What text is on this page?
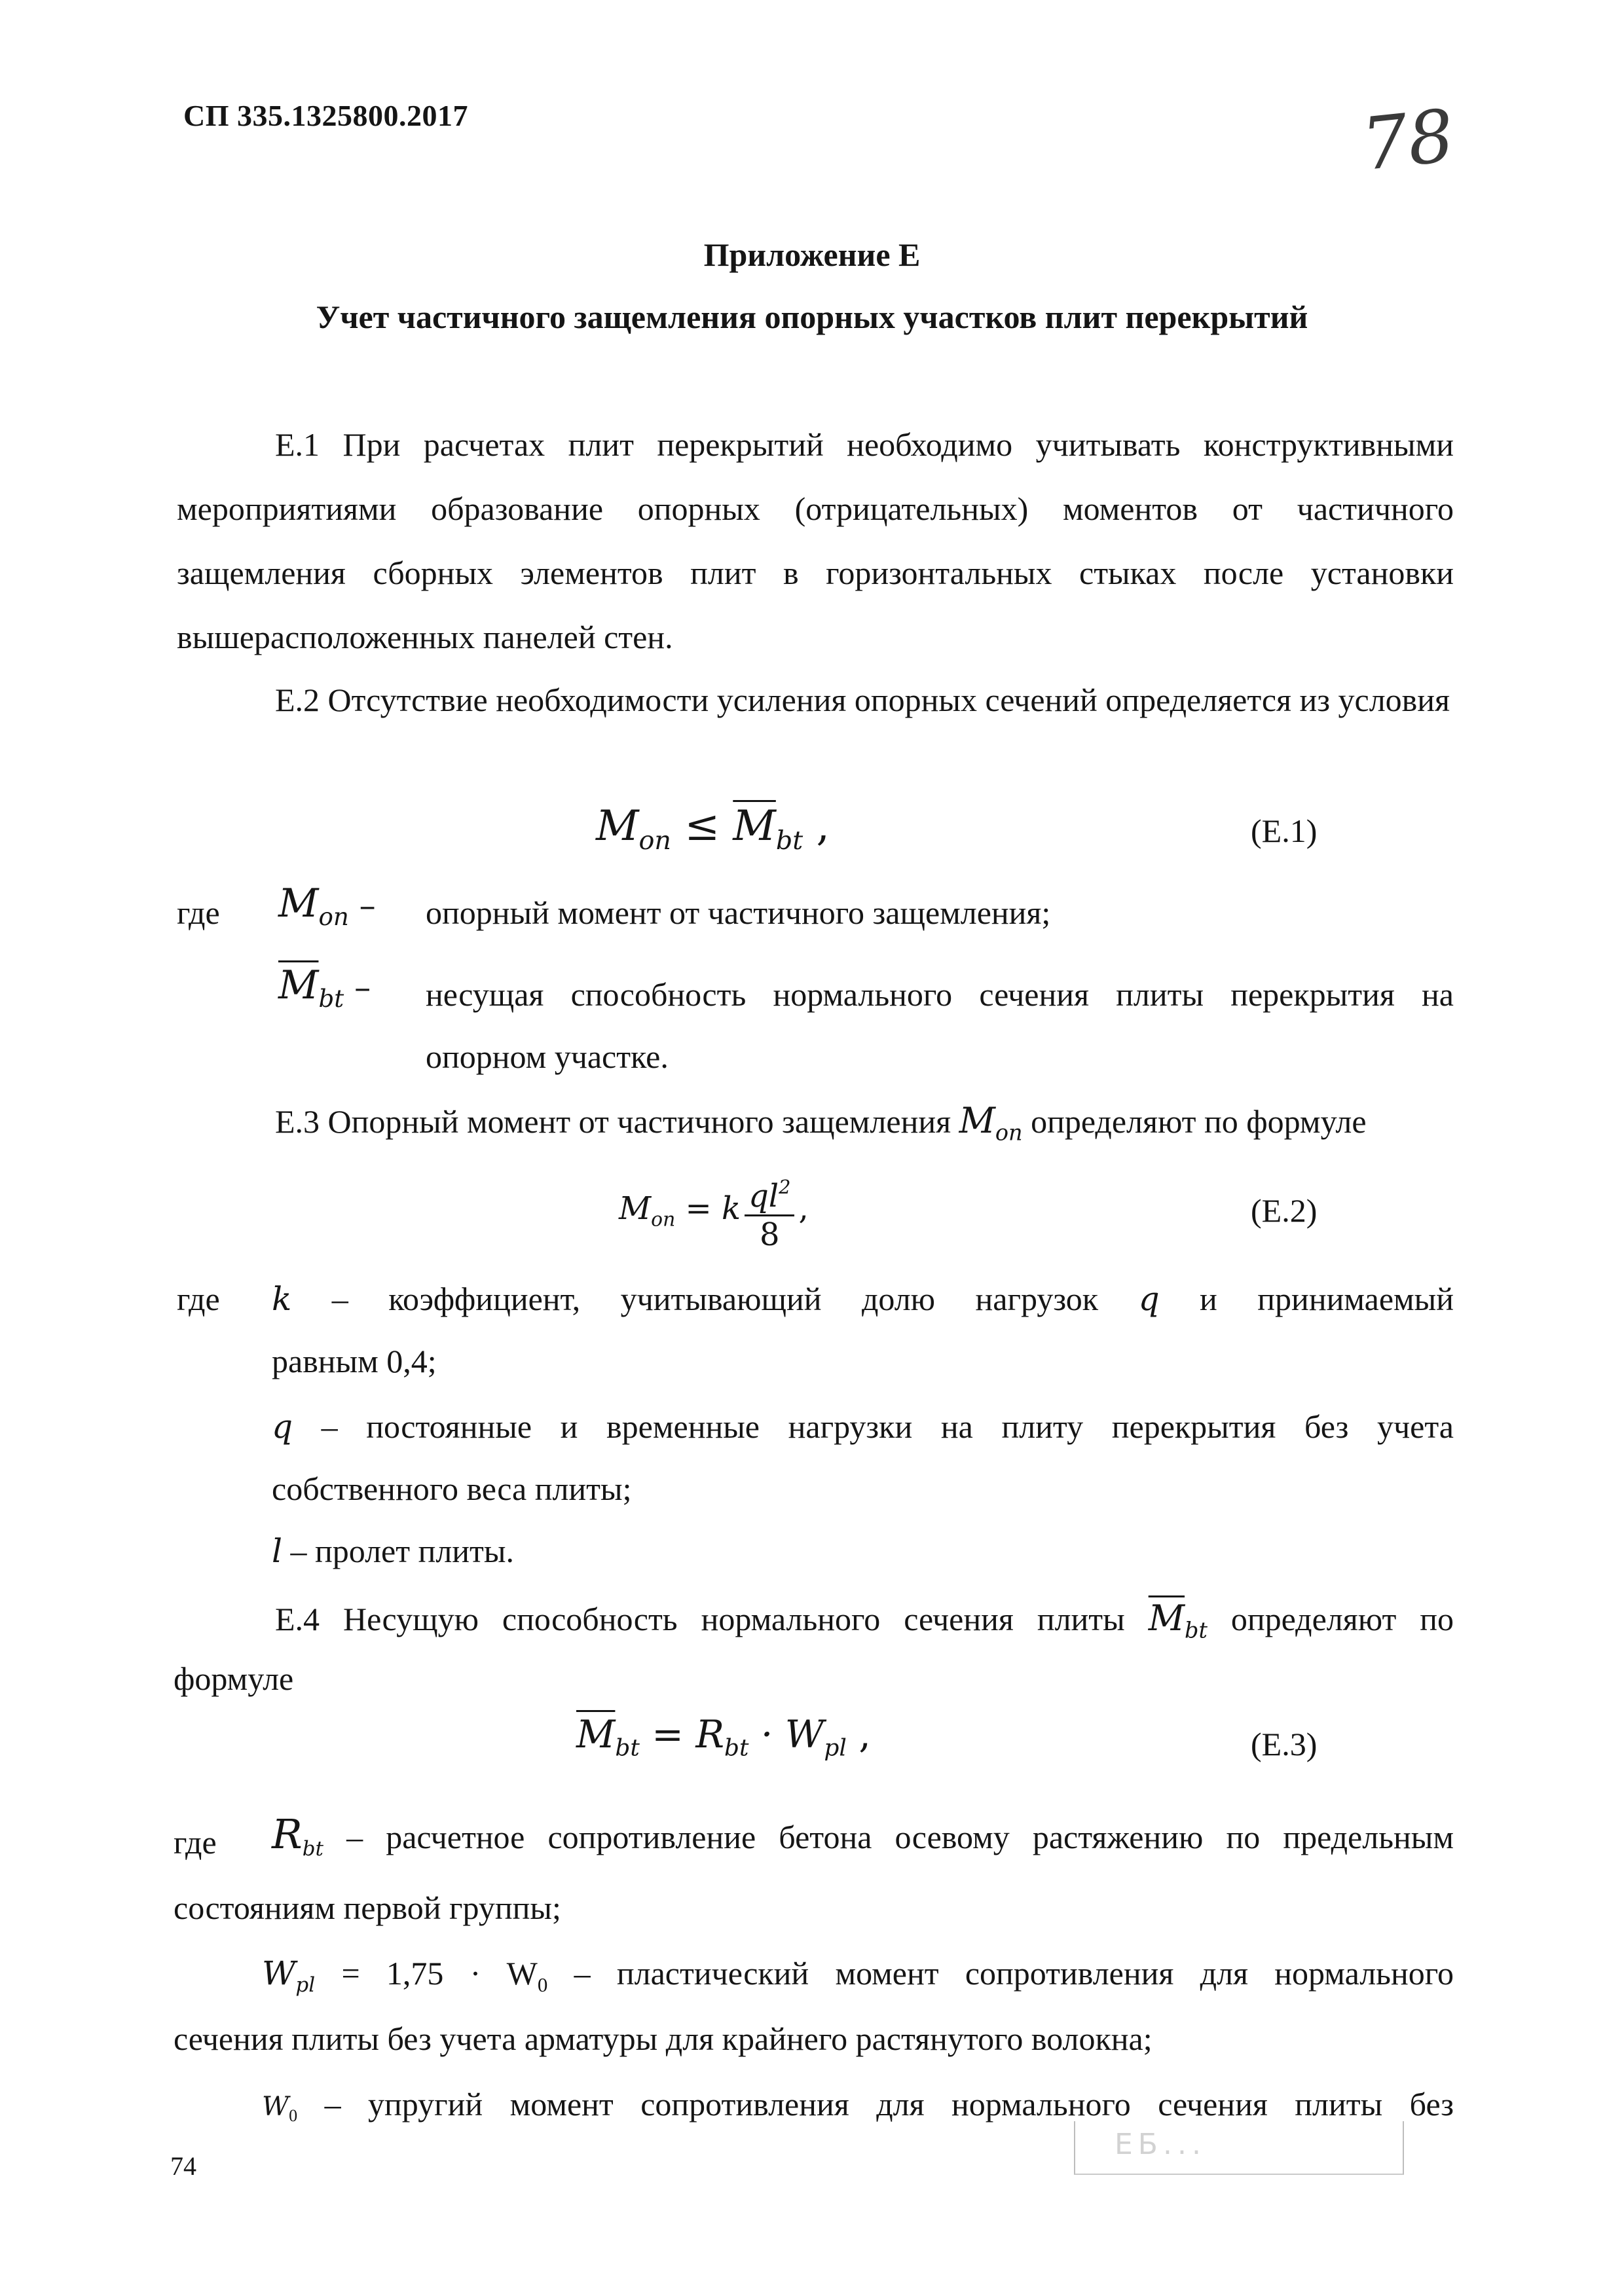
СП 335.1325800.2017	78
Приложение Е
Учет частичного защемления опорных участков плит перекрытий
Е.1 При расчетах плит перекрытий необходимо учитывать конструктивными мероприятиями образование опорных (отрицательных) моментов от частичного защемления сборных элементов плит в горизонтальных стыках после установки вышерасположенных панелей стен.
Е.2 Отсутствие необходимости усиления опорных сечений определяется из условия
$M_{on} \le \overline{M}_{bt}$ ,	(Е.1)
где $M_{on}$ – опорный момент от частичного защемления;
$\overline{M}_{bt}$ – несущая способность нормального сечения плиты перекрытия на
опорном участке.
Е.3 Опорный момент от частичного защемления $M_{on}$ определяют по формуле
$M_{on} = k \frac{ql^2}{8}$ ,	(Е.2)
где k – коэффициент, учитывающий долю нагрузок q и принимаемый
равным 0,4;
q – постоянные и временные нагрузки на плиту перекрытия без учета
собственного веса плиты;
l – пролет плиты.
Е.4 Несущую способность нормального сечения плиты $\overline{M}_{bt}$ определяют по
формуле
$\overline{M}_{bt} = R_{bt} \cdot W_{pl}$ ,	(Е.3)
где $R_{bt}$ – расчетное сопротивление бетона осевому растяжению по предельным
состояниям первой группы;
$W_{pl} = 1,75 \cdot W_0$ – пластический момент сопротивления для нормального
сечения плиты без учета арматуры для крайнего растянутого волокна;
$W_0$ – упругий момент сопротивления для нормального сечения плиты без
ЕБ...
74
